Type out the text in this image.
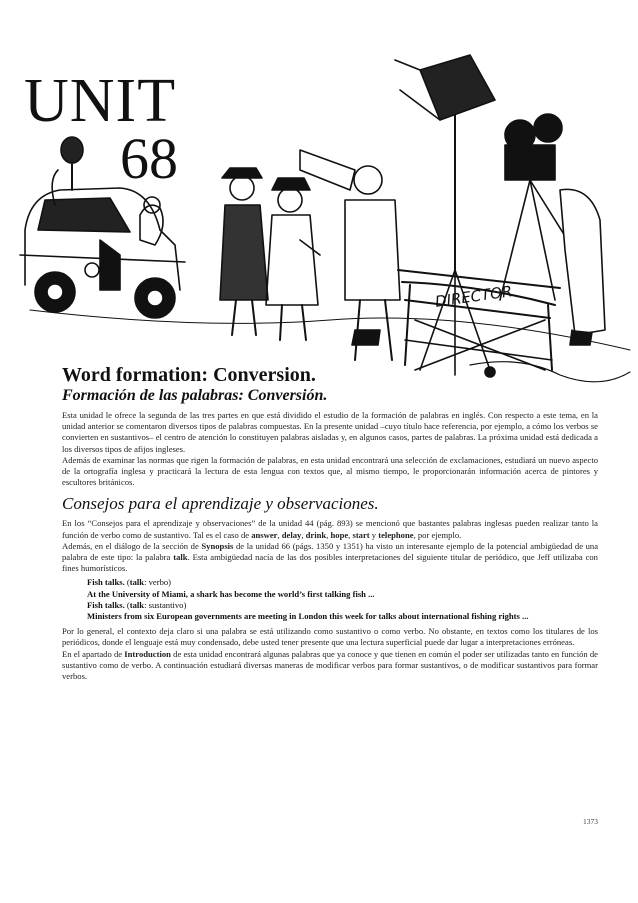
DIRECTOR
UNIT
68
Word formation: Conversion.
Formación de las palabras: Conversión.

Esta unidad le ofrece la segunda de las tres partes en que está dividido el estudio de la formación de palabras en inglés. Con respecto a este tema, en la unidad anterior se comentaron diversos tipos de palabras compuestas. En la presente unidad –cuyo título hace referencia, por ejemplo, a cómo los verbos se convierten en sustantivos– el centro de atención lo constituyen palabras aisladas y, en algunos casos, partes de palabras. La próxima unidad está dedicada a los diversos tipos de afijos ingleses.

Además de examinar las normas que rigen la formación de palabras, en esta unidad encontrará una selección de exclamaciones, estudiará un nuevo aspecto de la ortografía inglesa y practicará la lectura de esta lengua con textos que, al mismo tiempo, le proporcionarán información acerca de pintores y escultores británicos.

Consejos para el aprendizaje y observaciones.

En los “Consejos para el aprendizaje y observaciones” de la unidad 44 (pág. 893) se mencionó que bastantes palabras inglesas pueden realizar tanto la función de verbo como de sustantivo. Tal es el caso de answer, delay, drink, hope, start y telephone, por ejemplo.

Además, en el diálogo de la sección de Synopsis de la unidad 66 (págs. 1350 y 1351) ha visto un interesante ejemplo de la potencial ambigüedad de una palabra de este tipo: la palabra talk. Esta ambigüedad nacía de las dos posibles interpretaciones del siguiente titular de periódico, que Jeff utilizaba con fines humorísticos.

Fish talks. (talk: verbo)
At the University of Miami, a shark has become the world’s first talking fish ...
Fish talks. (talk: sustantivo)
Ministers from six European governments are meeting in London this week for talks about international fishing rights ...

Por lo general, el contexto deja claro si una palabra se está utilizando como sustantivo o como verbo. No obstante, en textos como los titulares de los periódicos, donde el lenguaje está muy condensado, debe usted tener presente que una lectura superficial puede dar lugar a interpretaciones erróneas.

En el apartado de Introduction de esta unidad encontrará algunas palabras que ya conoce y que tienen en común el poder ser utilizadas tanto en función de sustantivo como de verbo. A continuación estudiará diversas maneras de modificar verbos para formar sustantivos, o de modificar sustantivos para formar verbos.

1373
